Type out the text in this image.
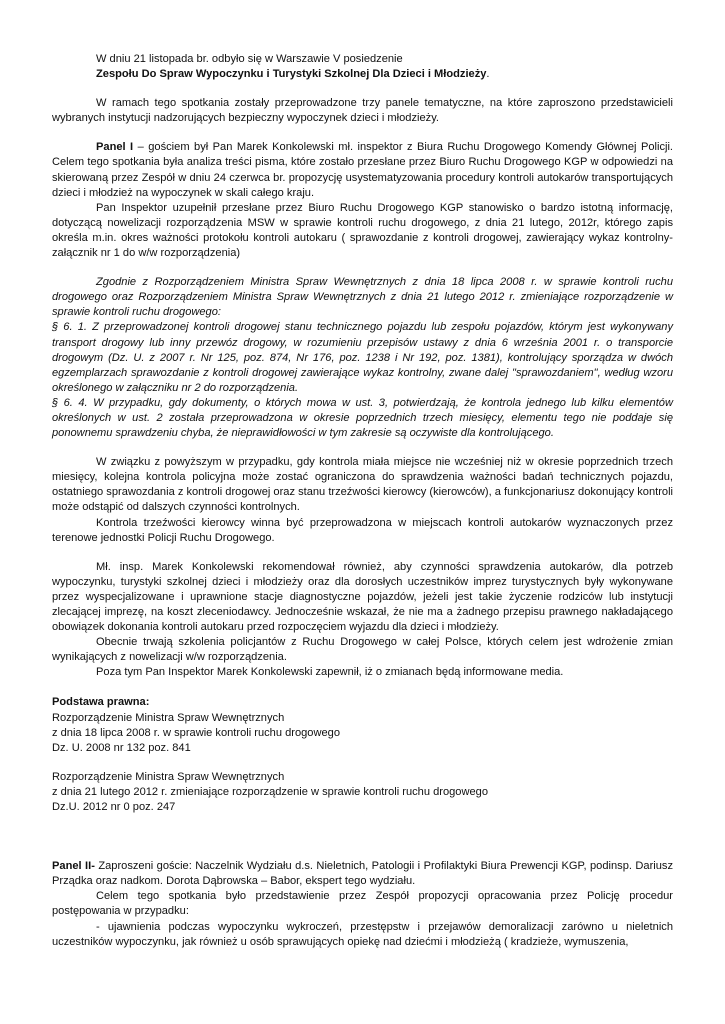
W dniu 21 listopada br. odbyło się w Warszawie V posiedzenie

Zespołu Do Spraw Wypoczynku i Turystyki Szkolnej Dla Dzieci i Młodzieży.

W ramach tego spotkania zostały przeprowadzone trzy panele tematyczne, na które zaproszono przedstawicieli wybranych instytucji nadzorujących bezpieczny wypoczynek dzieci i młodzieży.

Panel I – gościem był Pan Marek Konkolewski mł. inspektor z Biura Ruchu Drogowego Komendy Głównej Policji. Celem tego spotkania była analiza treści pisma, które zostało przesłane przez Biuro Ruchu Drogowego KGP w odpowiedzi na skierowaną przez Zespół w dniu 24 czerwca br. propozycję usystematyzowania procedury kontroli autokarów transportujących dzieci i młodzież na wypoczynek w skali całego kraju.

Pan Inspektor uzupełnił przesłane przez Biuro Ruchu Drogowego KGP stanowisko o bardzo istotną informację, dotyczącą nowelizacji rozporządzenia MSW w sprawie kontroli ruchu drogowego, z dnia 21 lutego, 2012r, którego zapis określa m.in. okres ważności protokołu kontroli autokaru ( sprawozdanie z kontroli drogowej, zawierający wykaz kontrolny- załącznik nr 1 do w/w rozporządzenia)

Zgodnie z Rozporządzeniem Ministra Spraw Wewnętrznych z dnia 18 lipca 2008 r. w sprawie kontroli ruchu drogowego oraz Rozporządzeniem Ministra Spraw Wewnętrznych z dnia 21 lutego 2012 r. zmieniające rozporządzenie w sprawie kontroli ruchu drogowego:

§ 6. 1. Z przeprowadzonej kontroli drogowej stanu technicznego pojazdu lub zespołu pojazdów, którym jest wykonywany transport drogowy lub inny przewóz drogowy, w rozumieniu przepisów ustawy z dnia 6 września 2001 r. o transporcie drogowym (Dz. U. z 2007 r. Nr 125, poz. 874, Nr 176, poz. 1238 i Nr 192, poz. 1381), kontrolujący sporządza w dwóch egzemplarzach sprawozdanie z kontroli drogowej zawierające wykaz kontrolny, zwane dalej "sprawozdaniem", według wzoru określonego w załączniku nr 2 do rozporządzenia.

§ 6. 4. W przypadku, gdy dokumenty, o których mowa w ust. 3, potwierdzają, że kontrola jednego lub kilku elementów określonych w ust. 2 została przeprowadzona w okresie poprzednich trzech miesięcy, elementu tego nie poddaje się ponownemu sprawdzeniu chyba, że nieprawidłowości w tym zakresie są oczywiste dla kontrolującego.

W związku z powyższym w przypadku, gdy kontrola miała miejsce nie wcześniej niż w okresie poprzednich trzech miesięcy, kolejna kontrola policyjna może zostać ograniczona do sprawdzenia ważności badań technicznych pojazdu, ostatniego sprawozdania z kontroli drogowej oraz stanu trzeźwości kierowcy (kierowców), a funkcjonariusz dokonujący kontroli może odstąpić od dalszych czynności kontrolnych.

Kontrola trzeźwości kierowcy winna być przeprowadzona w miejscach kontroli autokarów wyznaczonych przez terenowe jednostki Policji Ruchu Drogowego.

Mł. insp. Marek Konkolewski rekomendował również, aby czynności sprawdzenia autokarów, dla potrzeb wypoczynku, turystyki szkolnej dzieci i młodzieży oraz dla dorosłych uczestników imprez turystycznych były wykonywane przez wyspecjalizowane i uprawnione stacje diagnostyczne pojazdów, jeżeli jest takie życzenie rodziców lub instytucji zlecającej imprezę, na koszt zleceniodawcy. Jednocześnie wskazał, że nie ma a żadnego przepisu prawnego nakładającego obowiązek dokonania kontroli autokaru przed rozpoczęciem wyjazdu dla dzieci i młodzieży.

Obecnie trwają szkolenia policjantów z Ruchu Drogowego w całej Polsce, których celem jest wdrożenie zmian wynikających z nowelizacji w/w rozporządzenia.

Poza tym Pan Inspektor Marek Konkolewski zapewnił, iż o zmianach będą informowane media.

Podstawa prawna:

Rozporządzenie Ministra Spraw Wewnętrznych

z dnia 18 lipca 2008 r. w sprawie kontroli ruchu drogowego

Dz. U. 2008 nr 132 poz. 841

Rozporządzenie Ministra Spraw Wewnętrznych

z dnia 21 lutego 2012 r. zmieniające rozporządzenie w sprawie kontroli ruchu drogowego

Dz.U. 2012 nr 0 poz. 247

Panel II- Zaproszeni goście: Naczelnik Wydziału d.s. Nieletnich, Patologii i Profilaktyki Biura Prewencji KGP, podinsp. Dariusz Prządka oraz nadkom. Dorota Dąbrowska – Babor, ekspert tego wydziału.

Celem tego spotkania było przedstawienie przez Zespół propozycji opracowania przez Policję procedur postępowania w przypadku:

- ujawnienia podczas wypoczynku wykroczeń, przestępstw i przejawów demoralizacji zarówno u nieletnich uczestników wypoczynku, jak również u osób sprawujących opiekę nad dziećmi i młodzieżą ( kradzieże, wymuszenia,
